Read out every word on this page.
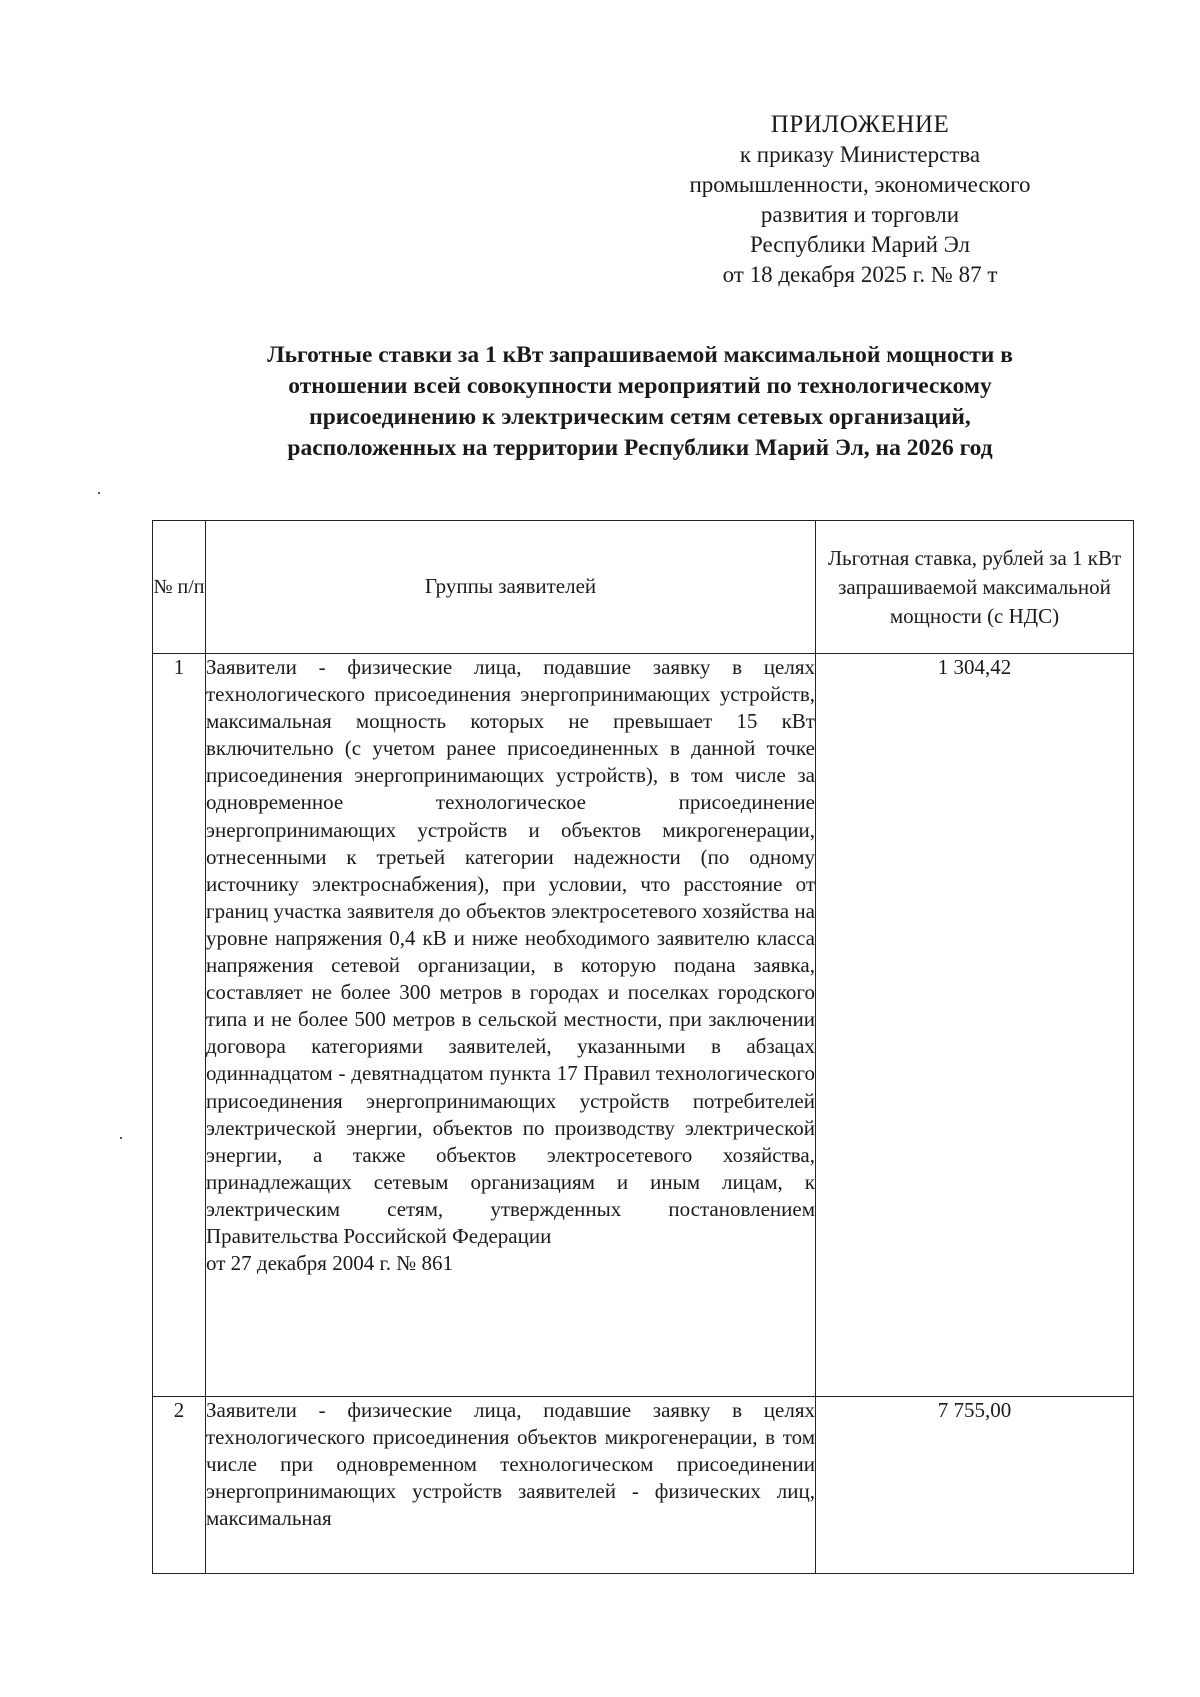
ПРИЛОЖЕНИЕ
к приказу Министерства
промышленности, экономического
развития и торговли
Республики Марий Эл
от 18 декабря 2025 г. № 87 т
Льготные ставки за 1 кВт запрашиваемой максимальной мощности в
отношении всей совокупности мероприятий по технологическому
присоединению к электрическим сетям сетевых организаций,
расположенных на территории Республики Марий Эл, на 2026 год
№ п/п	Группы заявителей	Льготная ставка, рублей за 1 кВт запрашиваемой максимальной мощности (с НДС)
1	Заявители - физические лица, подавшие заявку в целях технологического присоединения энергопринимающих устройств, максимальная мощность которых не превышает 15 кВт включительно (с учетом ранее присоединенных в данной точке присоединения энергопринимающих устройств), в том числе за одновременное технологическое присоединение энергопринимающих устройств и объектов микрогенерации, отнесенными к третьей категории надежности (по одному источнику электроснабжения), при условии, что расстояние от границ участка заявителя до объектов электросетевого хозяйства на уровне напряжения 0,4 кВ и ниже необходимого заявителю класса напряжения сетевой организации, в которую подана заявка, составляет не более 300 метров в городах и поселках городского типа и не более 500 метров в сельской местности, при заключении договора категориями заявителей, указанными в абзацах одиннадцатом - девятнадцатом пункта 17 Правил технологического присоединения энергопринимающих устройств потребителей электрической энергии, объектов по производству электрической энергии, а также объектов электросетевого хозяйства, принадлежащих сетевым организациям и иным лицам, к электрическим сетям, утвержденных постановлением Правительства Российской Федерации
от 27 декабря 2004 г. № 861	1 304,42
2	Заявители - физические лица, подавшие заявку в целях технологического присоединения объектов микрогенерации, в том числе при одновременном технологическом присоединении энергопринимающих устройств заявителей - физических лиц, максимальная	7 755,00
